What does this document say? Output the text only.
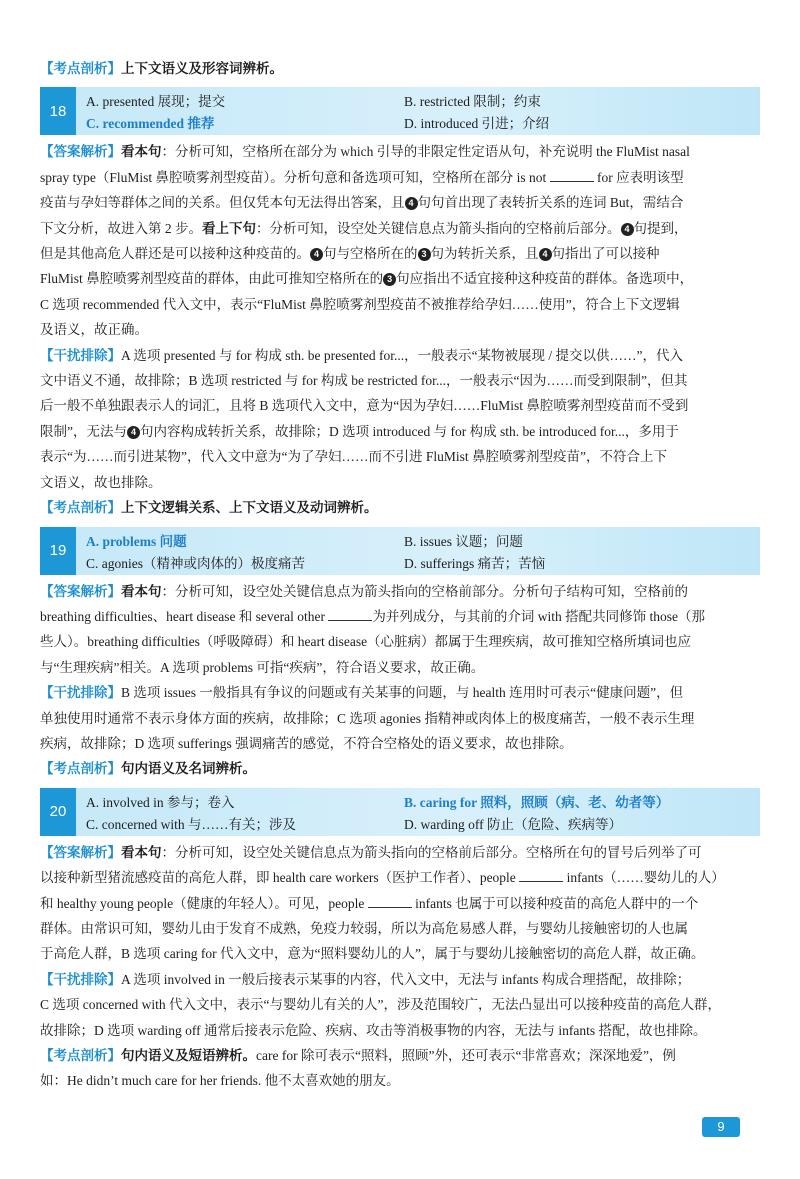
【考点剖析】上下文语义及形容词辨析。
18
A. presented 展现；提交	B. restricted 限制；约束
C. recommended 推荐	D. introduced 引进；介绍
【答案解析】看本句：分析可知，空格所在部分为 which 引导的非限定性定语从句，补充说明 the FluMist nasal
spray type（FluMist 鼻腔喷雾剂型疫苗）。分析句意和备选项可知，空格所在部分 is not	for 应表明该型
疫苗与孕妇等群体之间的关系。但仅凭本句无法得出答案，且 4 句句首出现了表转折关系的连词 But，需结合
下文分析，故进入第 2 步。看上下句：分析可知，设空处关键信息点为箭头指向的空格前后部分。 4 句提到，
但是其他高危人群还是可以接种这种疫苗的。 4 句与空格所在的 3 句为转折关系，且 4 句指出了可以接种
FluMist 鼻腔喷雾剂型疫苗的群体，由此可推知空格所在的 3 句应指出不适宜接种这种疫苗的群体。备选项中，
C 选项 recommended 代入文中，表示“FluMist 鼻腔喷雾剂型疫苗不被推荐给孕妇……使用”，符合上下文逻辑
及语义，故正确。
【干扰排除】A 选项 presented 与 for 构成 sth. be presented for...，一般表示“某物被展现 / 提交以供……”，代入
文中语义不通，故排除；B 选项 restricted 与 for 构成 be restricted for...，一般表示“因为……而受到限制”，但其
后一般不单独跟表示人的词汇，且将 B 选项代入文中，意为“因为孕妇……FluMist 鼻腔喷雾剂型疫苗而不受到
限制”，无法与 4 句内容构成转折关系，故排除；D 选项 introduced 与 for 构成 sth. be introduced for...，多用于
表示“为……而引进某物”，代入文中意为“为了孕妇……而不引进 FluMist 鼻腔喷雾剂型疫苗”，不符合上下
文语义，故也排除。
【考点剖析】上下文逻辑关系、上下文语义及动词辨析。
19
A. problems 问题	B. issues 议题；问题
C. agonies（精神或肉体的）极度痛苦	D. sufferings 痛苦；苦恼
【答案解析】看本句：分析可知，设空处关键信息点为箭头指向的空格前部分。分析句子结构可知，空格前的
breathing difficulties、heart disease 和 several other	为并列成分，与其前的介词 with 搭配共同修饰 those（那
些人）。breathing difficulties（呼吸障碍）和 heart disease（心脏病）都属于生理疾病，故可推知空格所填词也应
与“生理疾病”相关。A 选项 problems 可指“疾病”，符合语义要求，故正确。
【干扰排除】B 选项 issues 一般指具有争议的问题或有关某事的问题，与 health 连用时可表示“健康问题”，但
单独使用时通常不表示身体方面的疾病，故排除；C 选项 agonies 指精神或肉体上的极度痛苦，一般不表示生理
疾病，故排除；D 选项 sufferings 强调痛苦的感觉，不符合空格处的语义要求，故也排除。
【考点剖析】句内语义及名词辨析。
20
A. involved in 参与；卷入	B. caring for 照料，照顾（病、老、幼者等）
C. concerned with 与……有关；涉及	D. warding off 防止（危险、疾病等）
【答案解析】看本句：分析可知，设空处关键信息点为箭头指向的空格前后部分。空格所在句的冒号后列举了可
以接种新型猪流感疫苗的高危人群，即 health care workers（医护工作者）、people	infants（……婴幼儿的人）
和 healthy young people（健康的年轻人）。可见，people	infants 也属于可以接种疫苗的高危人群中的一个
群体。由常识可知，婴幼儿由于发育不成熟，免疫力较弱，所以为高危易感人群，与婴幼儿接触密切的人也属
于高危人群，B 选项 caring for 代入文中，意为“照料婴幼儿的人”，属于与婴幼儿接触密切的高危人群，故正确。
【干扰排除】A 选项 involved in 一般后接表示某事的内容，代入文中，无法与 infants 构成合理搭配，故排除；
C 选项 concerned with 代入文中，表示“与婴幼儿有关的人”，涉及范围较广，无法凸显出可以接种疫苗的高危人群，
故排除；D 选项 warding off 通常后接表示危险、疾病、攻击等消极事物的内容，无法与 infants 搭配，故也排除。
【考点剖析】句内语义及短语辨析。care for 除可表示“照料，照顾”外，还可表示“非常喜欢；深深地爱”，例
如：He didn’t much care for her friends. 他不太喜欢她的朋友。
9
